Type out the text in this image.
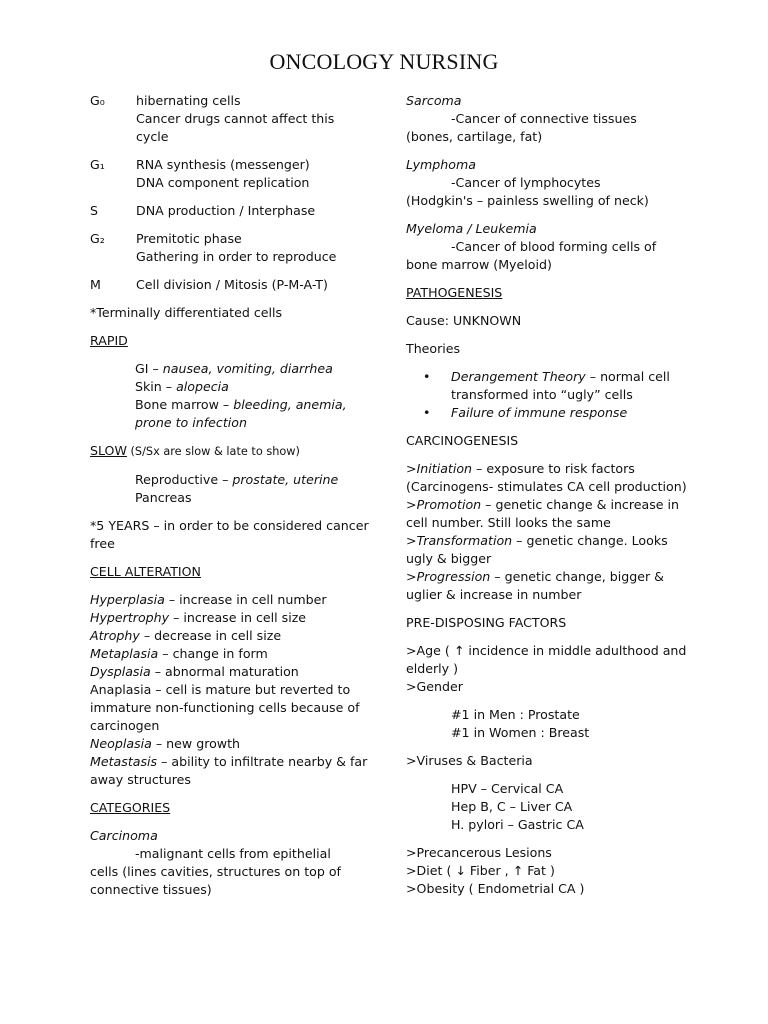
ONCOLOGY NURSING
G₀	hibernating cells
Cancer drugs cannot affect this cycle
G₁	RNA synthesis (messenger)
DNA component replication
S	DNA production / Interphase
G₂	Premitotic phase
Gathering in order to reproduce
M	Cell division / Mitosis (P-M-A-T)

*Terminally differentiated cells

RAPID

GI – nausea, vomiting, diarrhea
Skin – alopecia
Bone marrow – bleeding, anemia, prone to infection

SLOW (S/Sx are slow & late to show)

Reproductive – prostate, uterine
Pancreas

*5 YEARS – in order to be considered cancer free

CELL ALTERATION

Hyperplasia – increase in cell number
Hypertrophy – increase in cell size
Atrophy – decrease in cell size
Metaplasia – change in form
Dysplasia – abnormal maturation
Anaplasia – cell is mature but reverted to immature non-functioning cells because of carcinogen
Neoplasia – new growth
Metastasis – ability to infiltrate nearby & far away structures

CATEGORIES

Carcinoma
-malignant cells from epithelial
cells (lines cavities, structures on top of connective tissues)
Sarcoma
-Cancer of connective tissues
(bones, cartilage, fat)
Lymphoma
-Cancer of lymphocytes
(Hodgkin's – painless swelling of neck)
Myeloma / Leukemia
-Cancer of blood forming cells of
bone marrow (Myeloid)

PATHOGENESIS

Cause: UNKNOWN

Theories

• Derangement Theory – normal cell transformed into “ugly” cells
• Failure of immune response

CARCINOGENESIS

>Initiation – exposure to risk factors (Carcinogens- stimulates CA cell production)
>Promotion – genetic change & increase in cell number. Still looks the same
>Transformation – genetic change. Looks ugly & bigger
>Progression – genetic change, bigger & uglier & increase in number

PRE-DISPOSING FACTORS

>Age ( ↑ incidence in middle adulthood and elderly )
>Gender
#1 in Men : Prostate
#1 in Women : Breast

>Viruses & Bacteria

HPV – Cervical CA
Hep B, C – Liver CA
H. pylori – Gastric CA
>Precancerous Lesions
>Diet ( ↓ Fiber , ↑ Fat )
>Obesity ( Endometrial CA )
